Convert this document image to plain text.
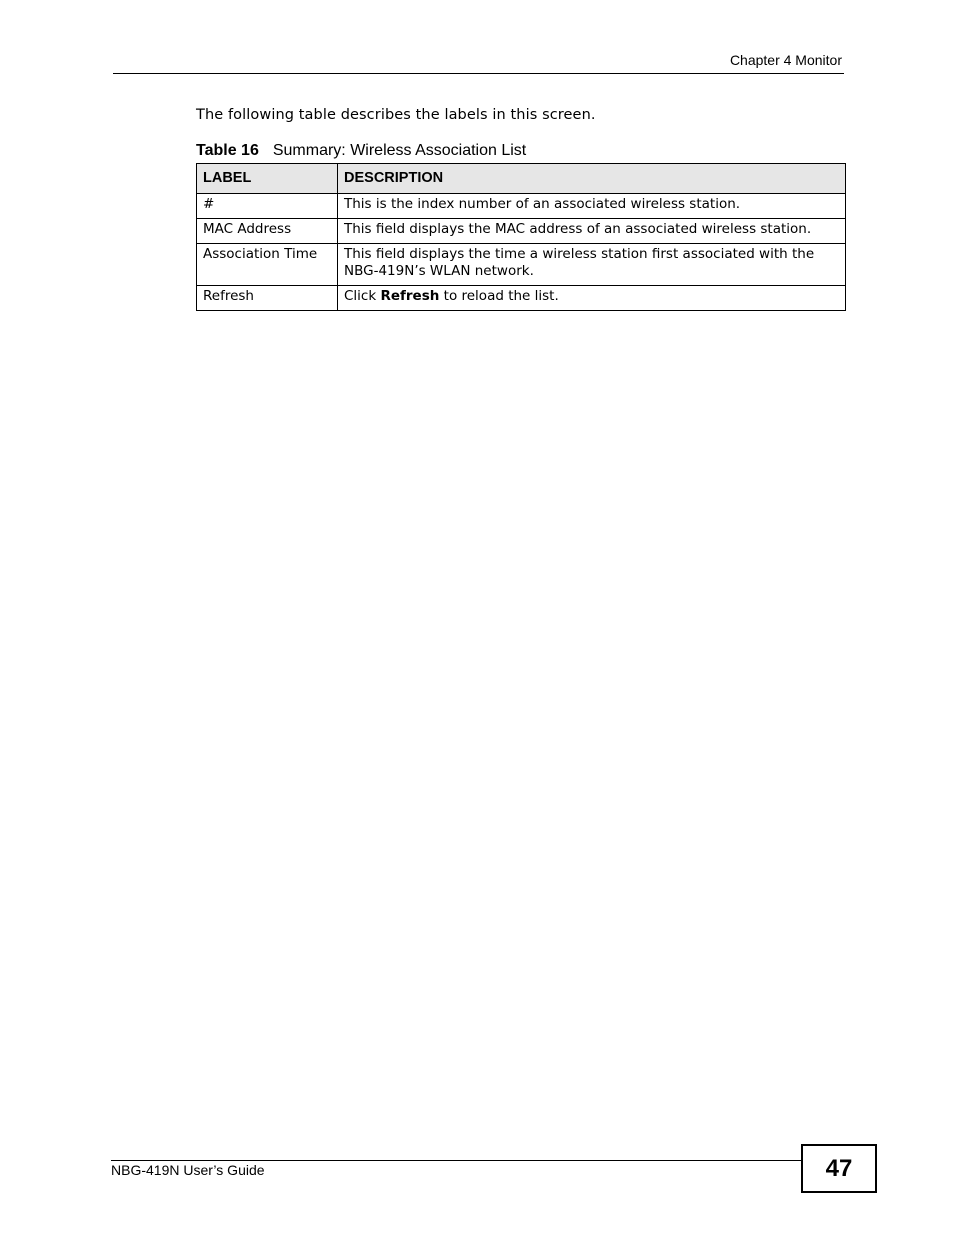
Chapter 4 Monitor
The following table describes the labels in this screen.
Table 16 Summary: Wireless Association List
LABEL	DESCRIPTION
#	This is the index number of an associated wireless station.
MAC Address	This field displays the MAC address of an associated wireless station.
Association Time	This field displays the time a wireless station first associated with the NBG-419N’s WLAN network.
Refresh	Click Refresh to reload the list.
NBG-419N User’s Guide	47
